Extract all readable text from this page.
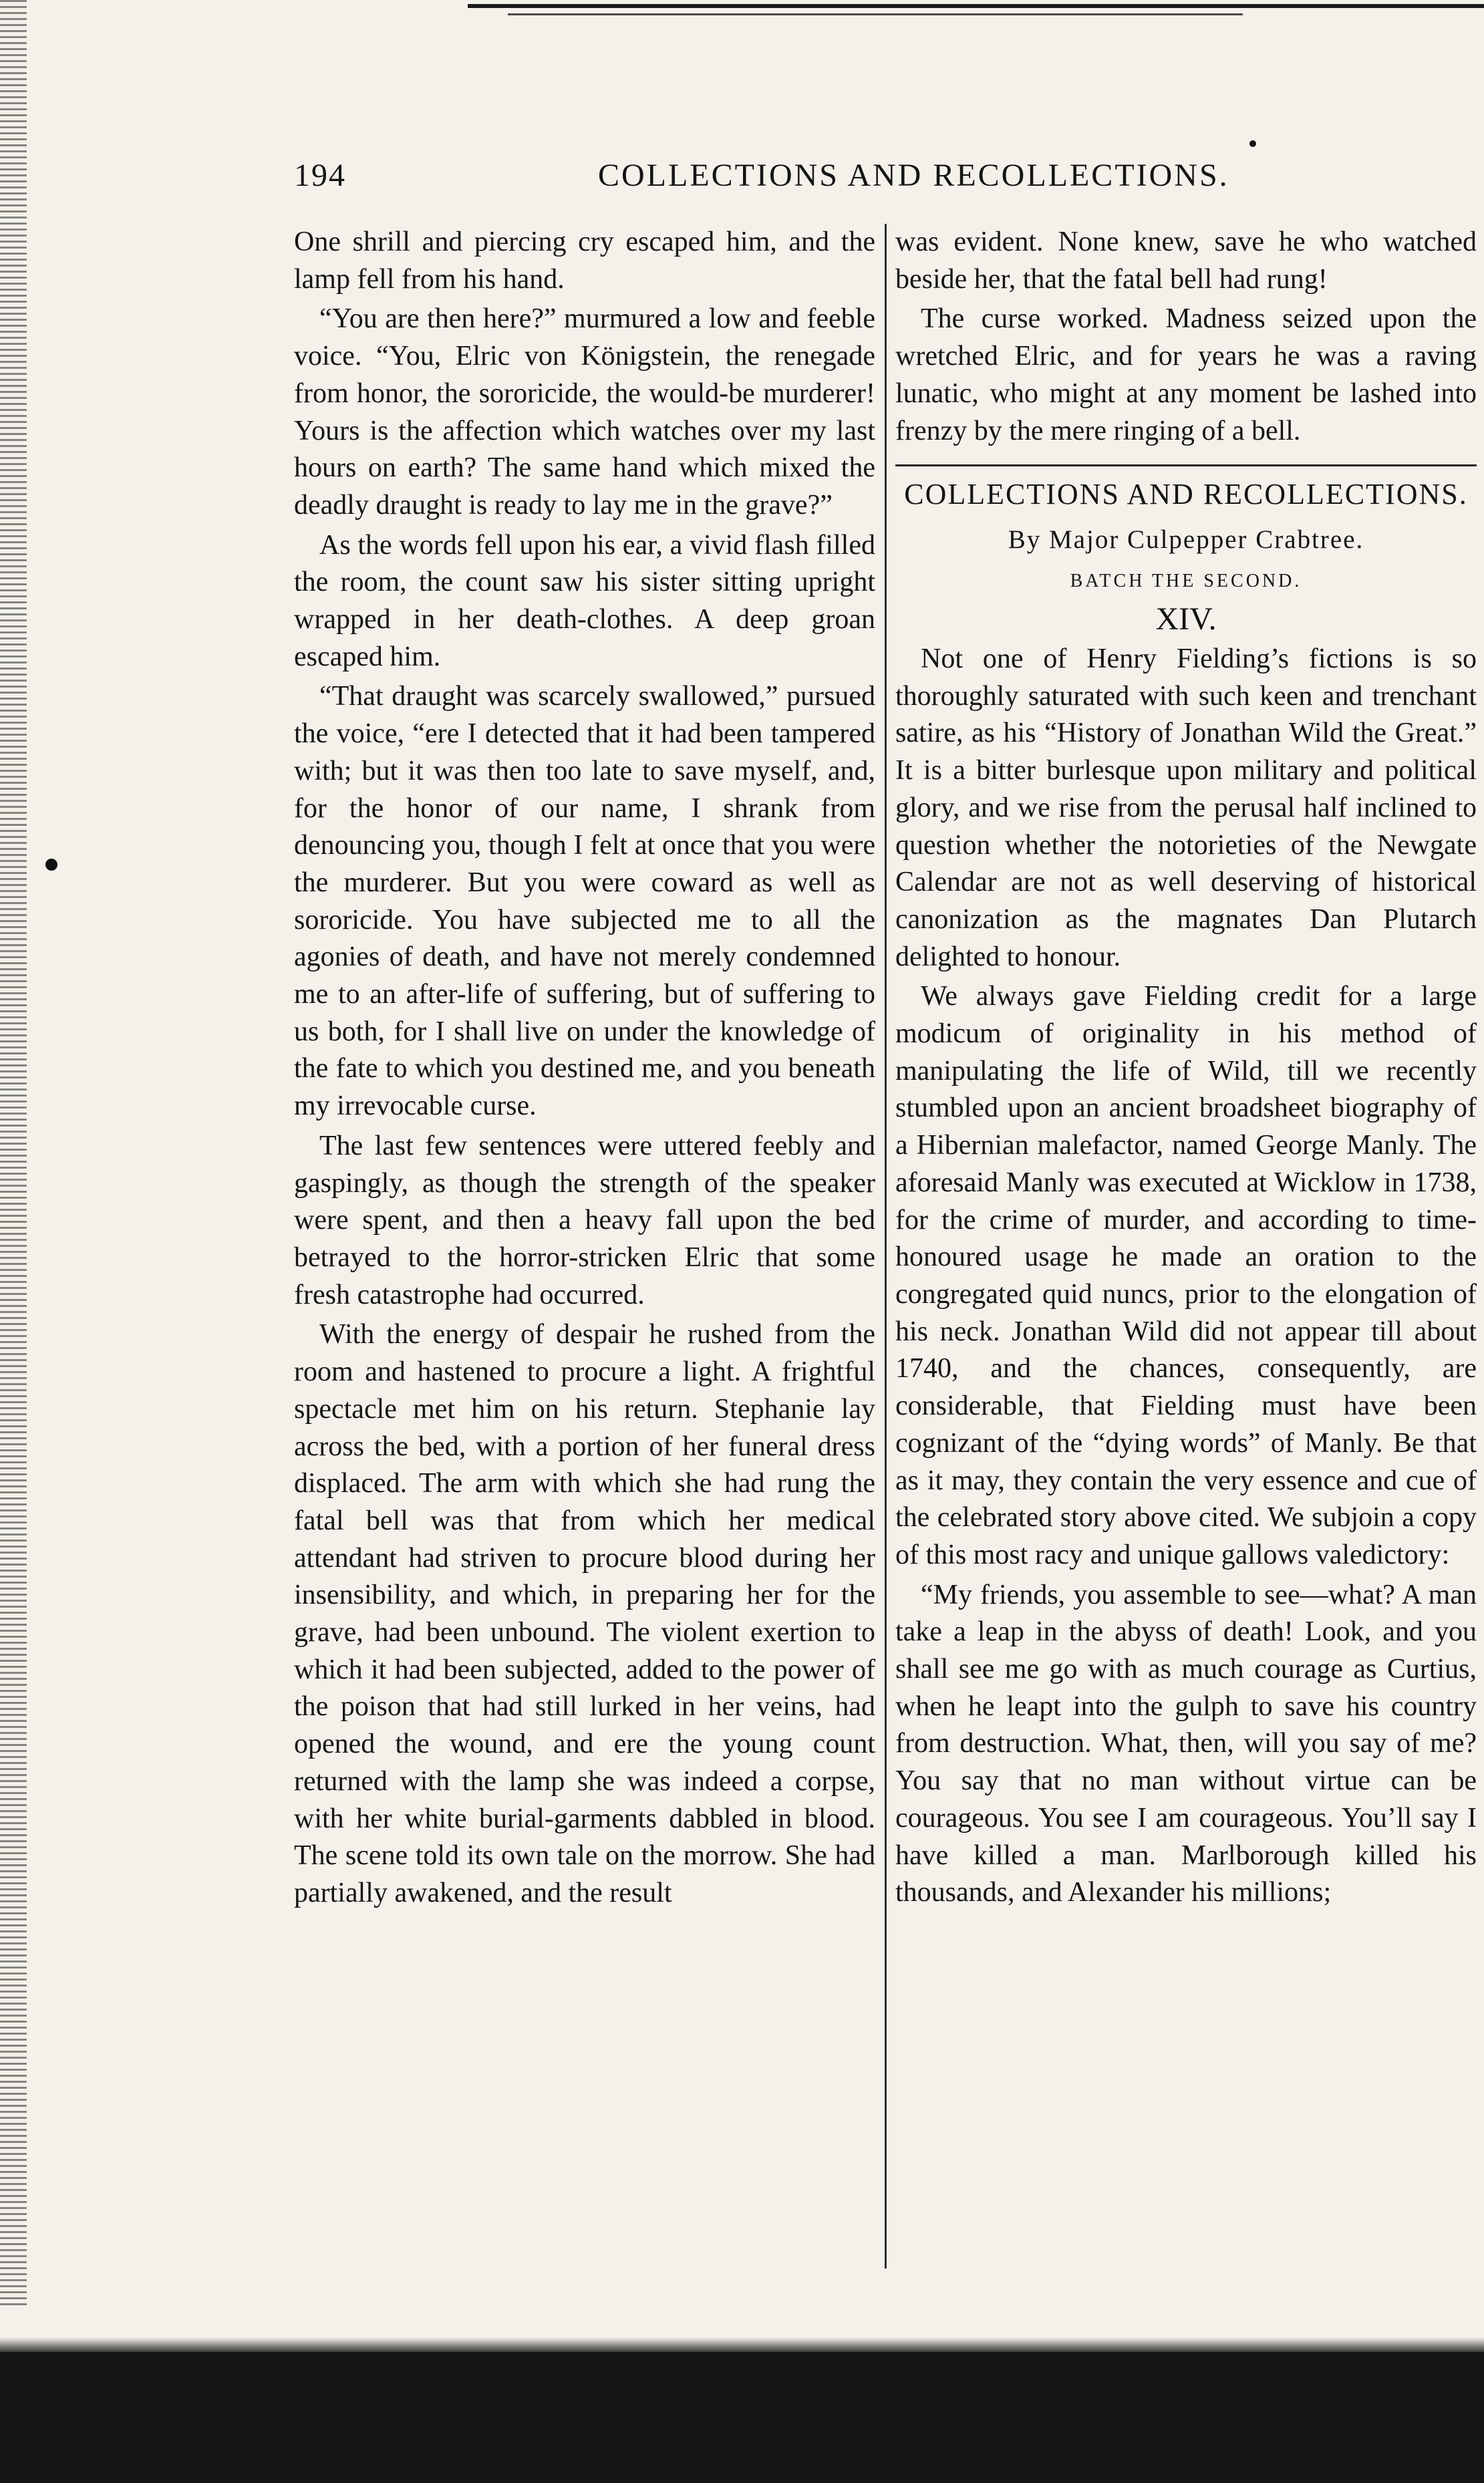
194	COLLECTIONS AND RECOLLECTIONS.

One shrill and piercing cry escaped him, and the lamp fell from his hand.

“You are then here?” murmured a low and feeble voice. “You, Elric von Königstein, the renegade from honor, the sororicide, the would-be murderer! Yours is the affection which watches over my last hours on earth? The same hand which mixed the deadly draught is ready to lay me in the grave?”

As the words fell upon his ear, a vivid flash filled the room, the count saw his sister sitting upright wrapped in her death-clothes. A deep groan escaped him.

“That draught was scarcely swallowed,” pursued the voice, “ere I detected that it had been tampered with; but it was then too late to save myself, and, for the honor of our name, I shrank from denouncing you, though I felt at once that you were the murderer. But you were coward as well as sororicide. You have subjected me to all the agonies of death, and have not merely condemned me to an after-life of suffering, but of suffering to us both, for I shall live on under the knowledge of the fate to which you destined me, and you beneath my irrevocable curse.

The last few sentences were uttered feebly and gaspingly, as though the strength of the speaker were spent, and then a heavy fall upon the bed betrayed to the horror-stricken Elric that some fresh catastrophe had occurred.

With the energy of despair he rushed from the room and hastened to procure a light. A frightful spectacle met him on his return. Stephanie lay across the bed, with a portion of her funeral dress displaced. The arm with which she had rung the fatal bell was that from which her medical attendant had striven to procure blood during her insensibility, and which, in preparing her for the grave, had been unbound. The violent exertion to which it had been subjected, added to the power of the poison that had still lurked in her veins, had opened the wound, and ere the young count returned with the lamp she was indeed a corpse, with her white burial-garments dabbled in blood. The scene told its own tale on the morrow. She had partially awakened, and the result

was evident. None knew, save he who watched beside her, that the fatal bell had rung!

The curse worked. Madness seized upon the wretched Elric, and for years he was a raving lunatic, who might at any moment be lashed into frenzy by the mere ringing of a bell.

COLLECTIONS AND RECOLLECTIONS.
By Major Culpepper Crabtree.
BATCH THE SECOND.
XIV.

Not one of Henry Fielding’s fictions is so thoroughly saturated with such keen and trenchant satire, as his “History of Jonathan Wild the Great.” It is a bitter burlesque upon military and political glory, and we rise from the perusal half inclined to question whether the notorieties of the Newgate Calendar are not as well deserving of historical canonization as the magnates Dan Plutarch delighted to honour.

We always gave Fielding credit for a large modicum of originality in his method of manipulating the life of Wild, till we recently stumbled upon an ancient broadsheet biography of a Hibernian malefactor, named George Manly. The aforesaid Manly was executed at Wicklow in 1738, for the crime of murder, and according to time-honoured usage he made an oration to the congregated quid nuncs, prior to the elongation of his neck. Jonathan Wild did not appear till about 1740, and the chances, consequently, are considerable, that Fielding must have been cognizant of the “dying words” of Manly. Be that as it may, they contain the very essence and cue of the celebrated story above cited. We subjoin a copy of this most racy and unique gallows valedictory:

“My friends, you assemble to see—what? A man take a leap in the abyss of death! Look, and you shall see me go with as much courage as Curtius, when he leapt into the gulph to save his country from destruction. What, then, will you say of me? You say that no man without virtue can be courageous. You see I am courageous. You’ll say I have killed a man. Marlborough killed his thousands, and Alexander his millions;
